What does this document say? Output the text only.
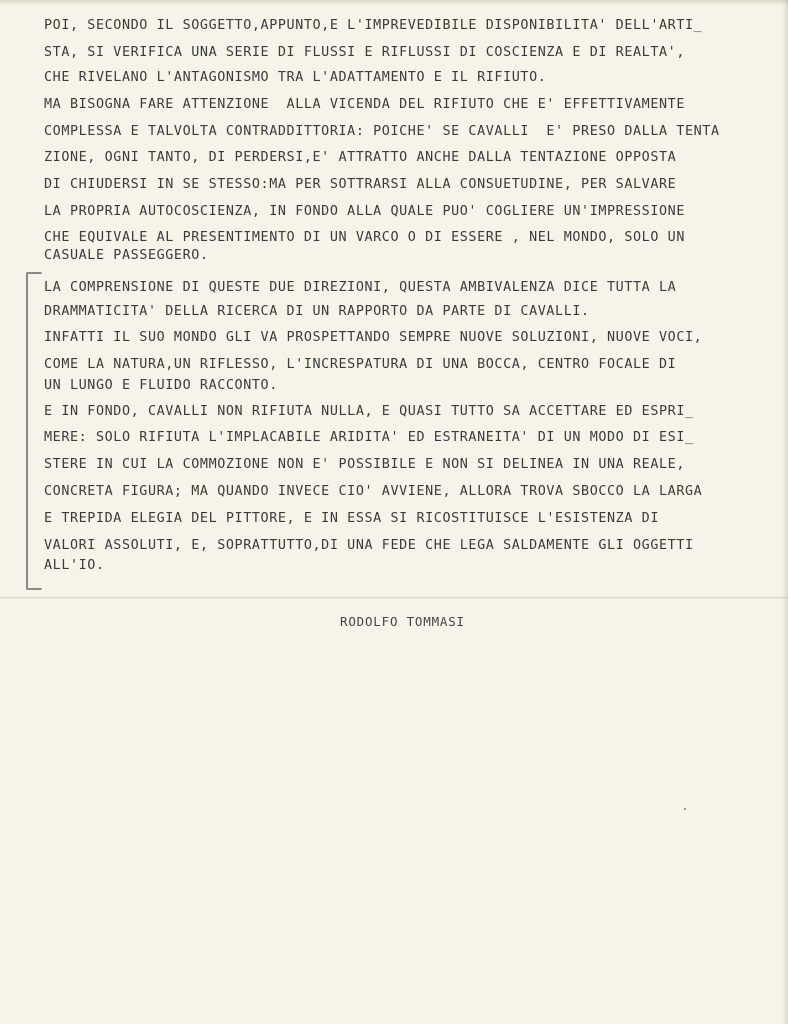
POI, SECONDO IL SOGGETTO,APPUNTO,E L'IMPREVEDIBILE DISPONIBILITA' DELL'ARTI_
STA, SI VERIFICA UNA SERIE DI FLUSSI E RIFLUSSI DI COSCIENZA E DI REALTA',
CHE RIVELANO L'ANTAGONISMO TRA L'ADATTAMENTO E IL RIFIUTO.
MA BISOGNA FARE ATTENZIONE  ALLA VICENDA DEL RIFIUTO CHE E' EFFETTIVAMENTE
COMPLESSA E TALVOLTA CONTRADDITTORIA: POICHE' SE CAVALLI  E' PRESO DALLA TENTA
ZIONE, OGNI TANTO, DI PERDERSI,E' ATTRATTO ANCHE DALLA TENTAZIONE OPPOSTA
DI CHIUDERSI IN SE STESSO:MA PER SOTTRARSI ALLA CONSUETUDINE, PER SALVARE
LA PROPRIA AUTOCOSCIENZA, IN FONDO ALLA QUALE PUO' COGLIERE UN'IMPRESSIONE
CHE EQUIVALE AL PRESENTIMENTO DI UN VARCO O DI ESSERE , NEL MONDO, SOLO UN
CASUALE PASSEGGERO.
LA COMPRENSIONE DI QUESTE DUE DIREZIONI, QUESTA AMBIVALENZA DICE TUTTA LA
DRAMMATICITA' DELLA RICERCA DI UN RAPPORTO DA PARTE DI CAVALLI.
INFATTI IL SUO MONDO GLI VA PROSPETTANDO SEMPRE NUOVE SOLUZIONI, NUOVE VOCI,
COME LA NATURA,UN RIFLESSO, L'INCRESPATURA DI UNA BOCCA, CENTRO FOCALE DI
UN LUNGO E FLUIDO RACCONTO.
E IN FONDO, CAVALLI NON RIFIUTA NULLA, E QUASI TUTTO SA ACCETTARE ED ESPRI_
MERE: SOLO RIFIUTA L'IMPLACABILE ARIDITA' ED ESTRANEITA' DI UN MODO DI ESI_
STERE IN CUI LA COMMOZIONE NON E' POSSIBILE E NON SI DELINEA IN UNA REALE,
CONCRETA FIGURA; MA QUANDO INVECE CIO' AVVIENE, ALLORA TROVA SBOCCO LA LARGA
E TREPIDA ELEGIA DEL PITTORE, E IN ESSA SI RICOSTITUISCE L'ESISTENZA DI
VALORI ASSOLUTI, E, SOPRATTUTTO,DI UNA FEDE CHE LEGA SALDAMENTE GLI OGGETTI
ALL'IO.
RODOLFO TOMMASI
